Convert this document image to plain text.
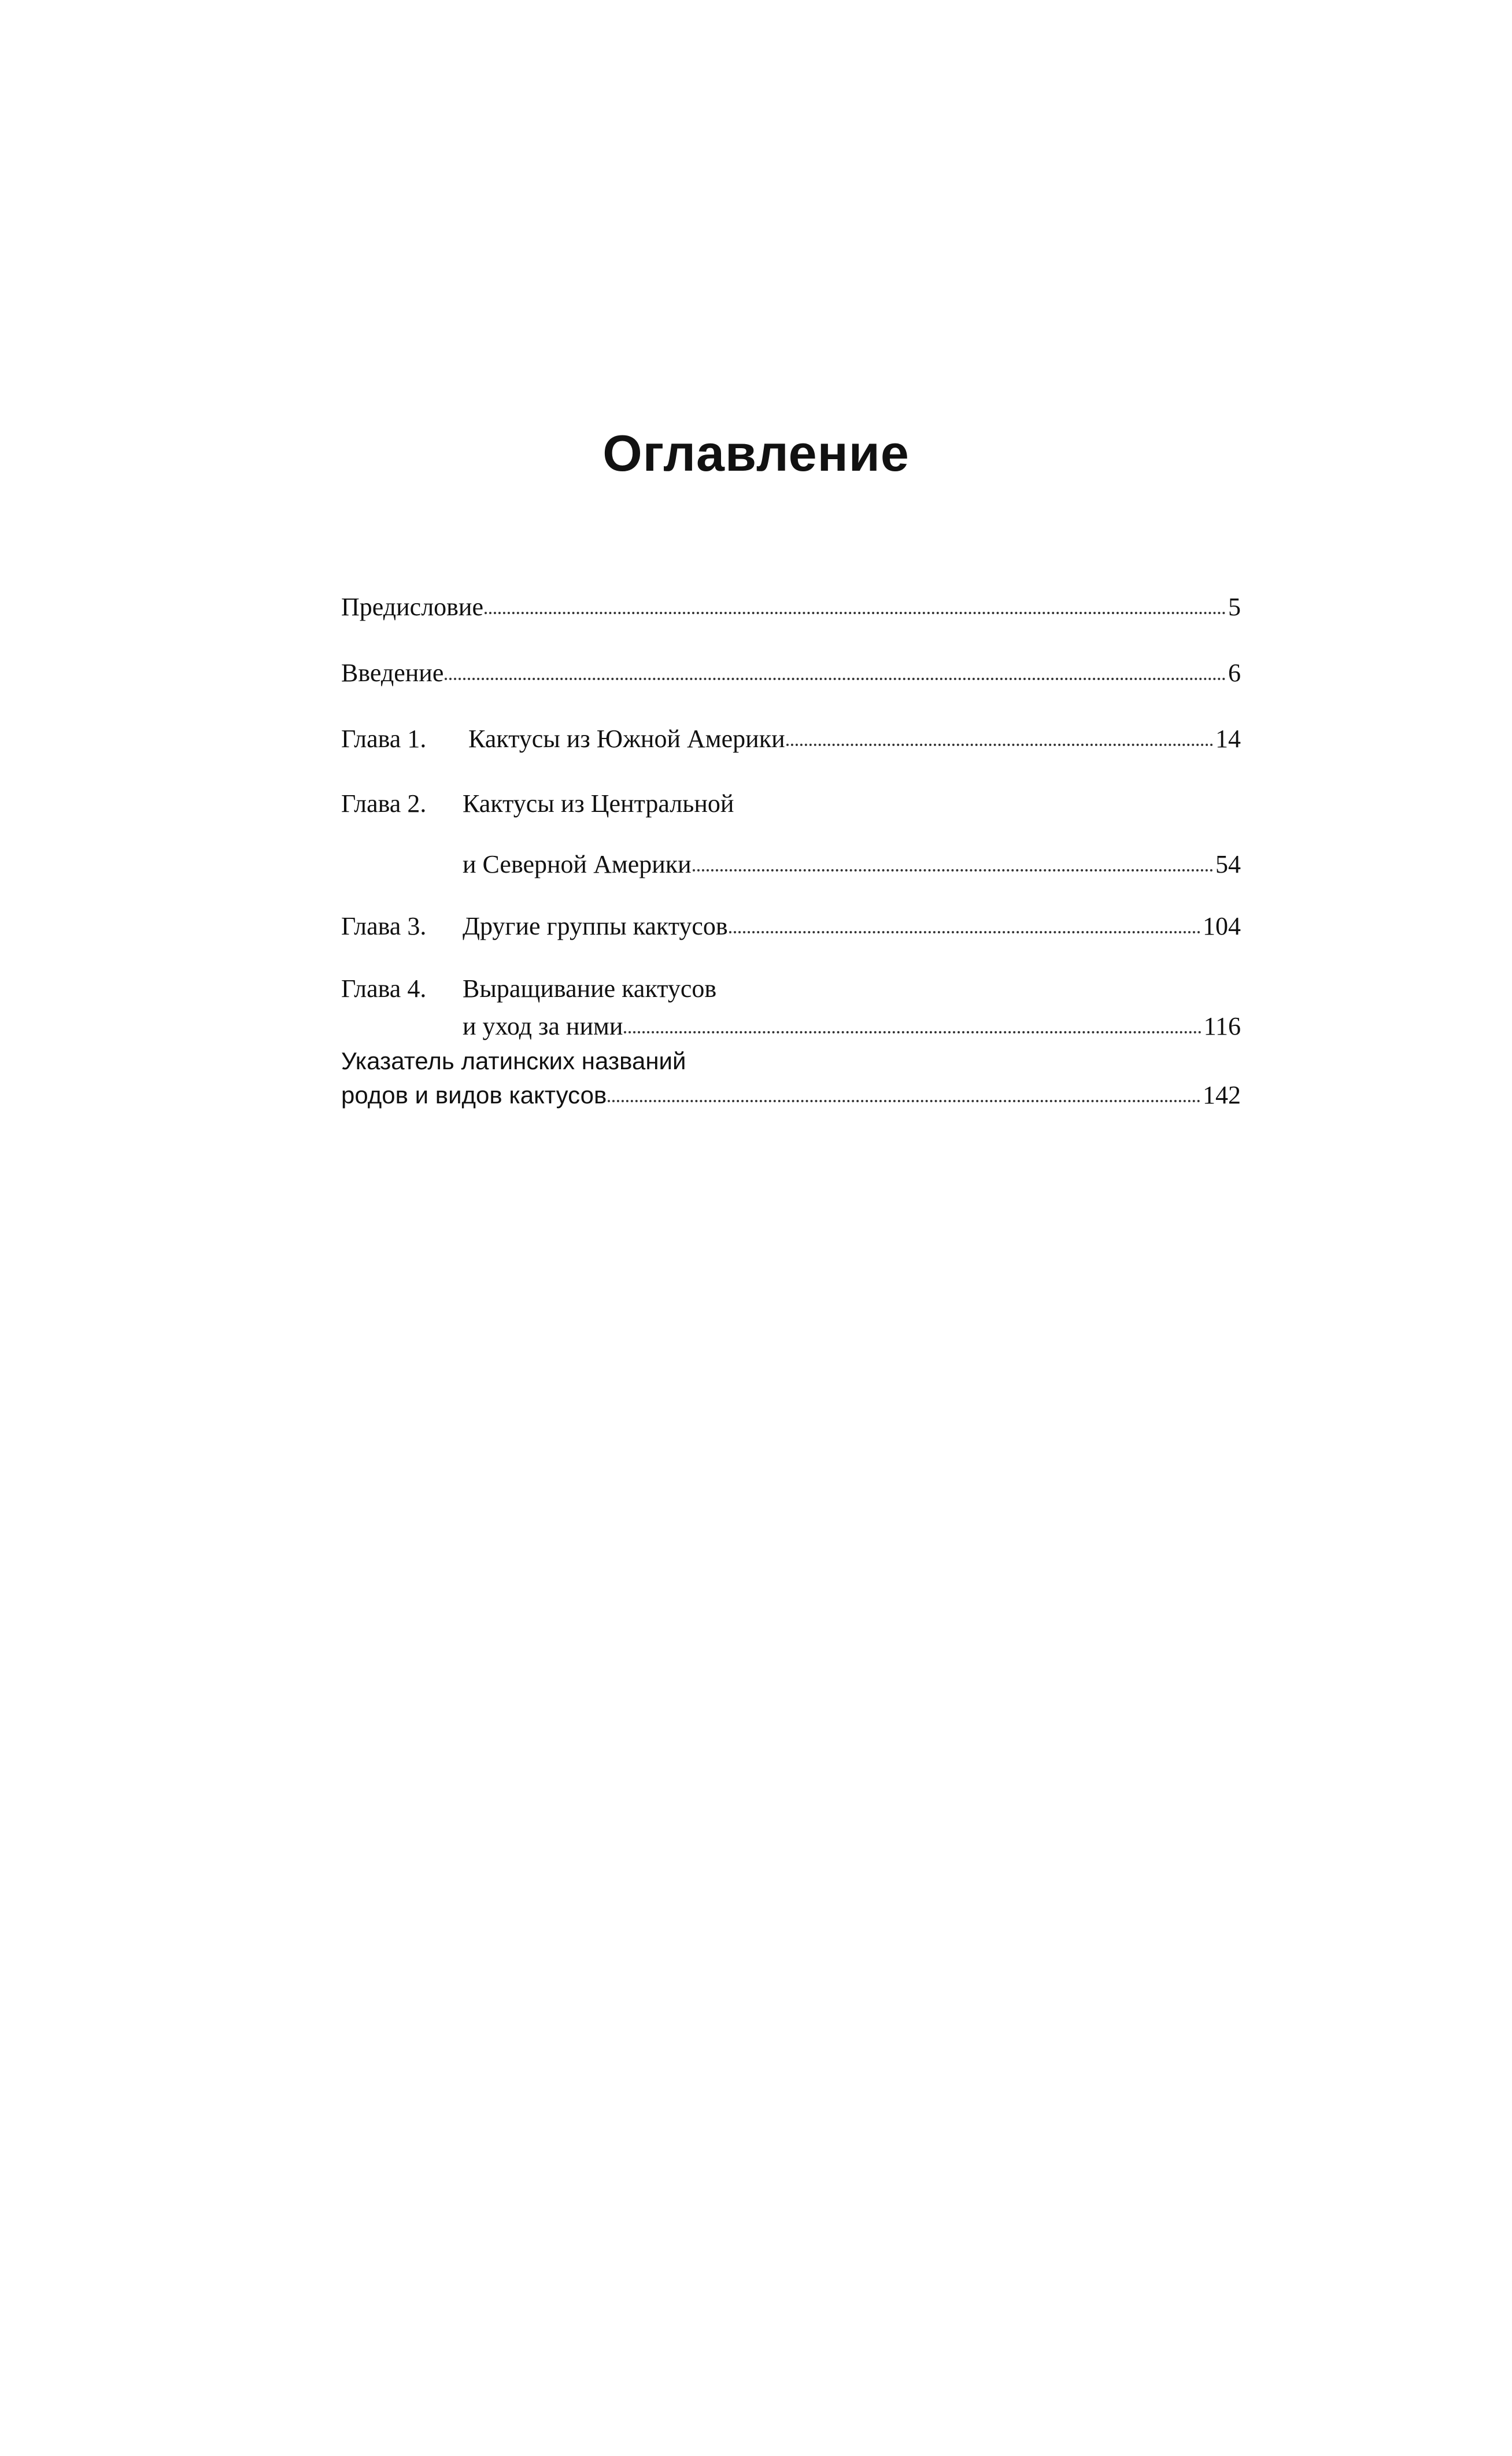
Оглавление
Предисловие	5
Введение	6
Глава 1.	Кактусы из Южной Америки	14
Глава 2.	Кактусы из Центральной
и Северной Америки	54
Глава 3.	Другие группы кактусов	104
Глава 4.	Выращивание кактусов
и уход за ними	116
Указатель латинских названий
родов и видов кактусов	142
